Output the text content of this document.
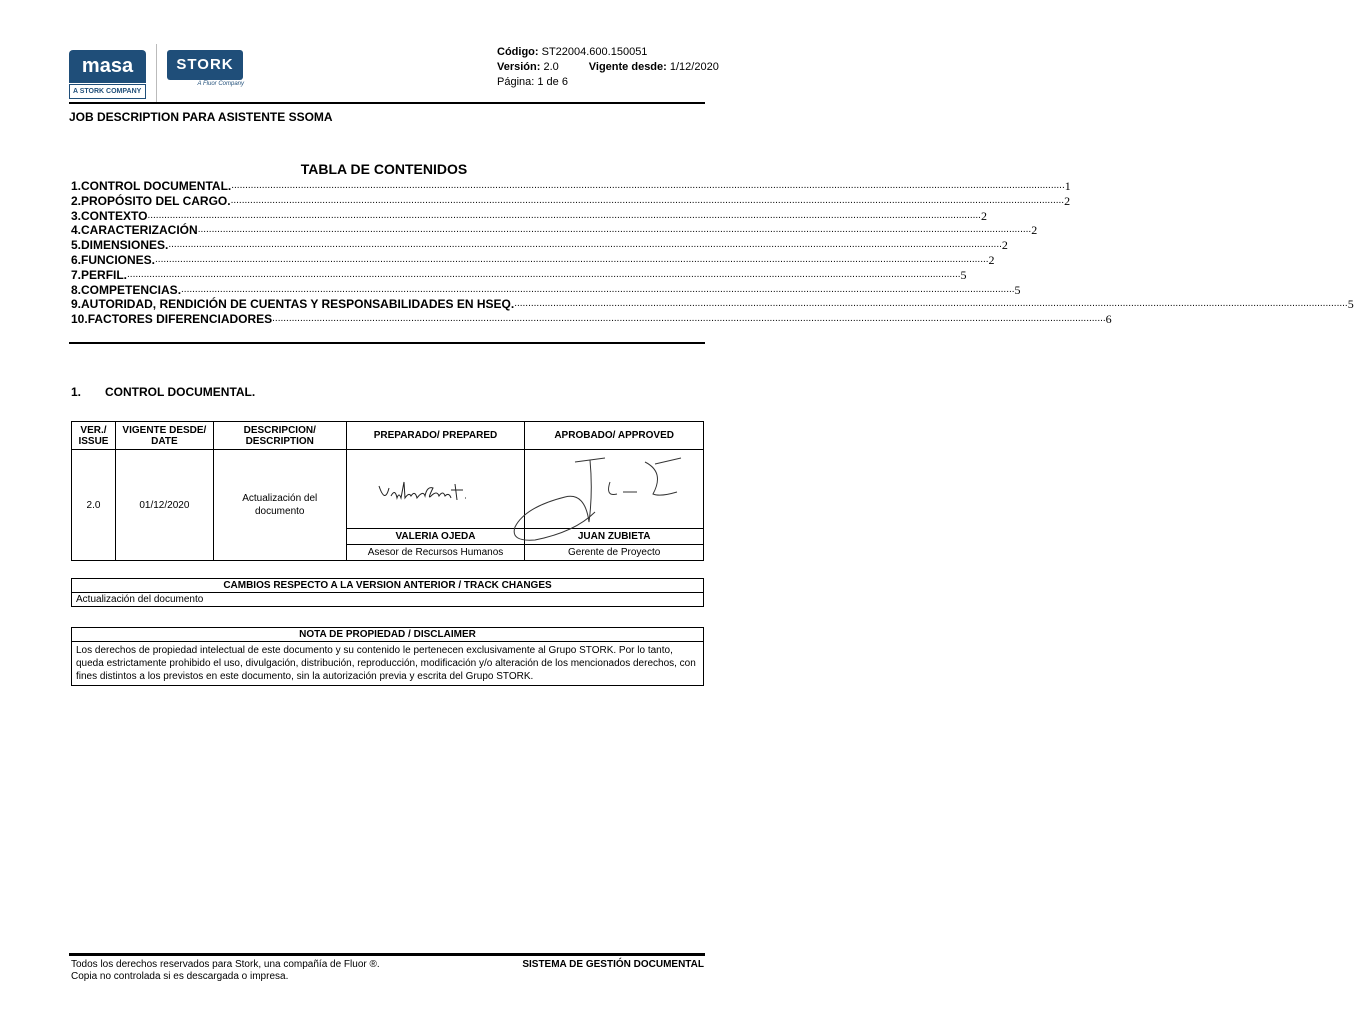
masa
A STORK COMPANY
STORK
A Fluor Company
Código: ST22004.600.150051
Versión: 2.0	Vigente desde: 1/12/2020
Página: 1 de 6
JOB DESCRIPTION PARA ASISTENTE SSOMA
TABLA DE CONTENIDOS
1. CONTROL DOCUMENTAL. ............................................................................................................................................................................................................................................................................................................ 1
2. PROPÓSITO DEL CARGO. ............................................................................................................................................................................................................................................................................................................ 2
3. CONTEXTO ............................................................................................................................................................................................................................................................................................................ 2
4. CARACTERIZACIÓN ............................................................................................................................................................................................................................................................................................................ 2
5. DIMENSIONES. ............................................................................................................................................................................................................................................................................................................ 2
6. FUNCIONES. ............................................................................................................................................................................................................................................................................................................ 2
7. PERFIL. ............................................................................................................................................................................................................................................................................................................ 5
8. COMPETENCIAS. ............................................................................................................................................................................................................................................................................................................ 5
9. AUTORIDAD, RENDICIÓN DE CUENTAS Y RESPONSABILIDADES EN HSEQ. ............................................................................................................................................................................................................................................................................................................ 5
10. FACTORES DIFERENCIADORES ............................................................................................................................................................................................................................................................................................................ 6
1. CONTROL DOCUMENTAL.
VER./ ISSUE	VIGENTE DESDE/ DATE	DESCRIPCION/ DESCRIPTION	PREPARADO/ PREPARED	APROBADO/ APPROVED
2.0	01/12/2020	Actualización del documento	

			VALERIA OJEDA	JUAN ZUBIETA
			Asesor de Recursos Humanos	Gerente de Proyecto
CAMBIOS RESPECTO A LA VERSION ANTERIOR / TRACK CHANGES
Actualización del documento
NOTA DE PROPIEDAD / DISCLAIMER
Los derechos de propiedad intelectual de este documento y su contenido le pertenecen exclusivamente al Grupo STORK. Por lo tanto, queda estrictamente prohibido el uso, divulgación, distribución, reproducción, modificación y/o alteración de los mencionados derechos, con fines distintos a los previstos en este documento, sin la autorización previa y escrita del Grupo STORK.
Todos los derechos reservados para Stork, una compañía de Fluor ®.
Copia no controlada si es descargada o impresa.
SISTEMA DE GESTIÓN DOCUMENTAL
